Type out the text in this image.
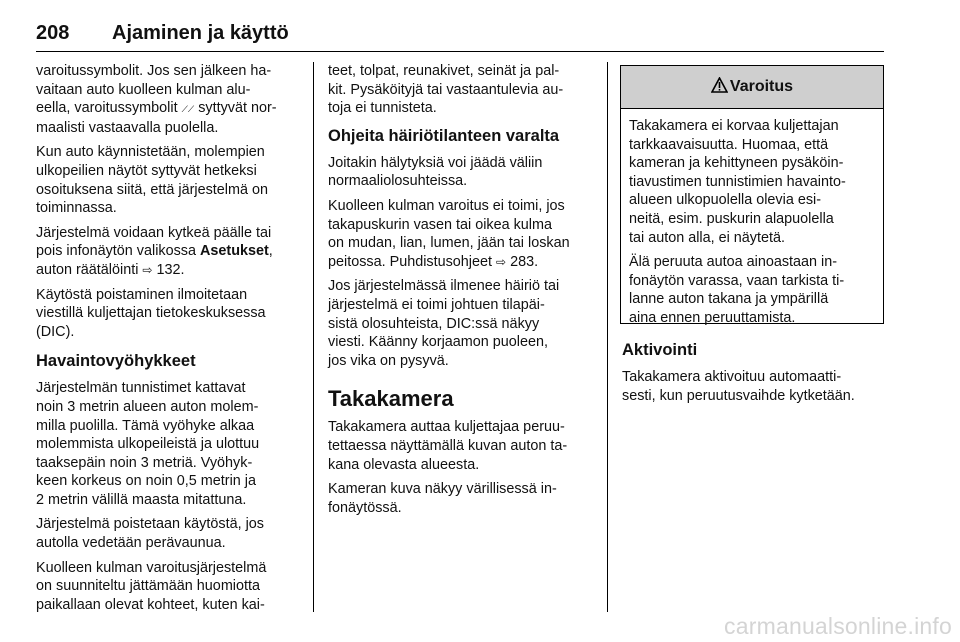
208 Ajaminen ja käyttö

varoitussymbolit. Jos sen jälkeen ha-
vaitaan auto kuolleen kulman alu-
eella, varoitussymbolit ⟋⟋ syttyvät nor-
maalisti vastaavalla puolella.

Kun auto käynnistetään, molempien
ulkopeilien näytöt syttyvät hetkeksi
osoituksena siitä, että järjestelmä on
toiminnassa.

Järjestelmä voidaan kytkeä päälle tai
pois infonäytön valikossa Asetukset,
auton räätälöinti ⇨ 132.

Käytöstä poistaminen ilmoitetaan
viestillä kuljettajan tietokeskuksessa
(DIC).

Havaintovyöhykkeet

Järjestelmän tunnistimet kattavat
noin 3 metrin alueen auton molem-
milla puolilla. Tämä vyöhyke alkaa
molemmista ulkopeileistä ja ulottuu
taaksepäin noin 3 metriä. Vyöhyk-
keen korkeus on noin 0,5 metrin ja
2 metrin välillä maasta mitattuna.

Järjestelmä poistetaan käytöstä, jos
autolla vedetään perävaunua.

Kuolleen kulman varoitusjärjestelmä
on suunniteltu jättämään huomiotta
paikallaan olevat kohteet, kuten kai-

teet, tolpat, reunakivet, seinät ja pal-
kit. Pysäköityjä tai vastaantulevia au-
toja ei tunnisteta.

Ohjeita häiriötilanteen varalta

Joitakin hälytyksiä voi jäädä väliin
normaaliolosuhteissa.

Kuolleen kulman varoitus ei toimi, jos
takapuskurin vasen tai oikea kulma
on mudan, lian, lumen, jään tai loskan
peitossa. Puhdistusohjeet ⇨ 283.

Jos järjestelmässä ilmenee häiriö tai
järjestelmä ei toimi johtuen tilapäi-
sistä olosuhteista, DIC:ssä näkyy
viesti. Käänny korjaamon puoleen,
jos vika on pysyvä.

Takakamera

Takakamera auttaa kuljettajaa peruu-
tettaessa näyttämällä kuvan auton ta-
kana olevasta alueesta.

Kameran kuva näkyy värillisessä in-
fonäytössä.

Varoitus

Takakamera ei korvaa kuljettajan
tarkkaavaisuutta. Huomaa, että
kameran ja kehittyneen pysäköin-
tiavustimen tunnistimien havainto-
alueen ulkopuolella olevia esi-
neitä, esim. puskurin alapuolella
tai auton alla, ei näytetä.

Älä peruuta autoa ainoastaan in-
fonäytön varassa, vaan tarkista ti-
lanne auton takana ja ympärillä
aina ennen peruuttamista.

Aktivointi

Takakamera aktivoituu automaatti-
sesti, kun peruutusvaihde kytketään.

carmanualsonline.info
